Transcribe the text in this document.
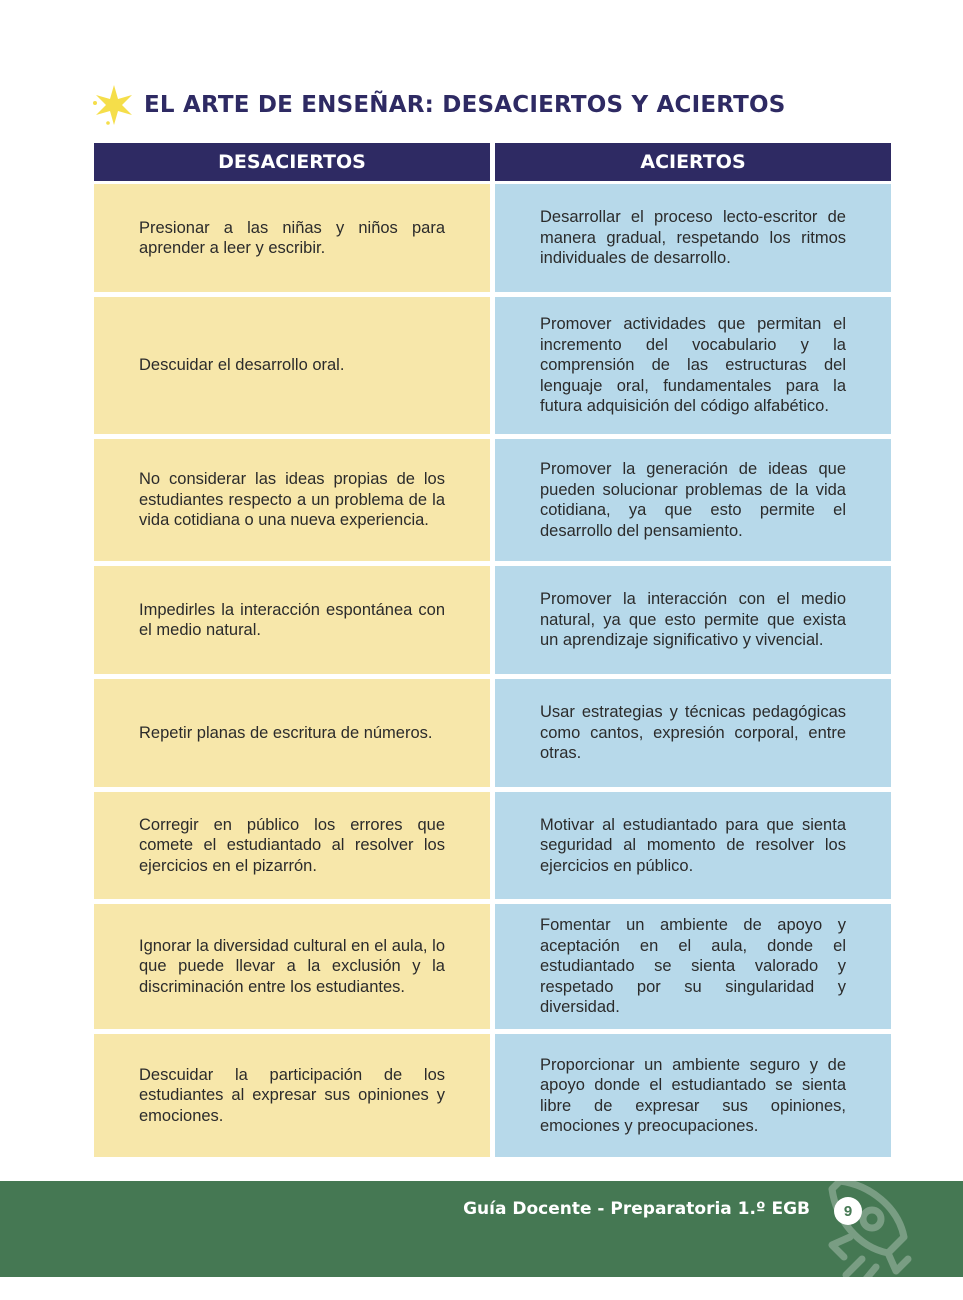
EL ARTE DE ENSEÑAR: DESACIERTOS Y ACIERTOS
DESACIERTOS	ACIERTOS
Presionar a las niñas y niños para aprender a leer y escribir.
Desarrollar el proceso lecto-escritor de manera gradual, respetando los ritmos individuales de desarrollo.
Descuidar el desarrollo oral.
Promover actividades que permitan el incremento del vocabulario y la comprensión de las estructuras del lenguaje oral, fundamentales para la futura adquisición del código alfabético.
No considerar las ideas propias de los estudiantes respecto a un problema de la vida cotidiana o una nueva experiencia.
Promover la generación de ideas que pueden solucionar problemas de la vida cotidiana, ya que esto permite el desarrollo del pensamiento.
Impedirles la interacción espontánea con el medio natural.
Promover la interacción con el medio natural, ya que esto permite que exista un aprendizaje significativo y vivencial.
Repetir planas de escritura de números.
Usar estrategias y técnicas pedagógicas como cantos, expresión corporal, entre otras.
Corregir en público los errores que comete el estudiantado al resolver los ejercicios en el pizarrón.
Motivar al estudiantado para que sienta seguridad al momento de resolver los ejercicios en público.
Ignorar la diversidad cultural en el aula, lo que puede llevar a la exclusión y la discriminación entre los estudiantes.
Fomentar un ambiente de apoyo y aceptación en el aula, donde el estudiantado se sienta valorado y respetado por su singularidad y diversidad.
Descuidar la participación de los estudiantes al expresar sus opiniones y emociones.
Proporcionar un ambiente seguro y de apoyo donde el estudiantado se sienta libre de expresar sus opiniones, emociones y preocupaciones.
Guía Docente - Preparatoria 1.º EGB	9
